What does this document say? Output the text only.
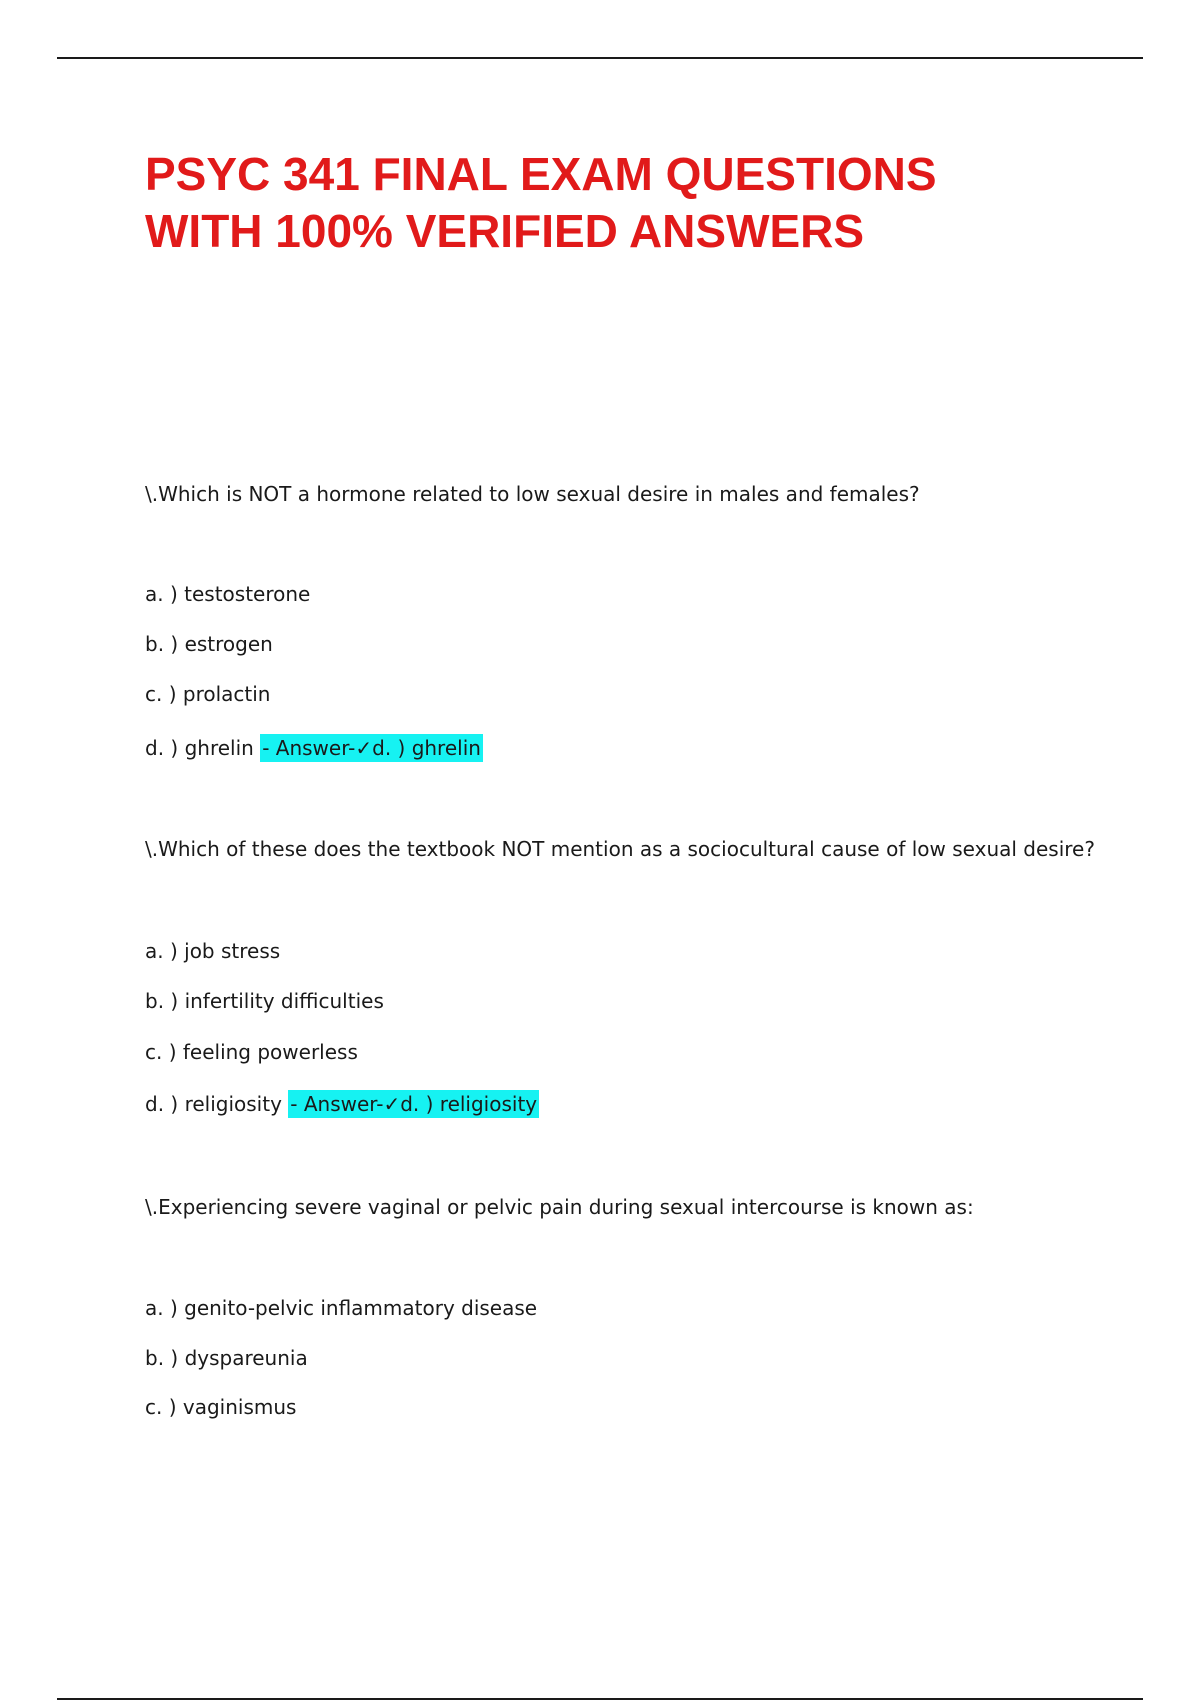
PSYC 341 FINAL EXAM QUESTIONS
WITH 100% VERIFIED ANSWERS
\.Which is NOT a hormone related to low sexual desire in males and females?
a. ) testosterone
b. ) estrogen
c. ) prolactin
d. ) ghrelin - Answer-✓d. ) ghrelin
\.Which of these does the textbook NOT mention as a sociocultural cause of low sexual desire?
a. ) job stress
b. ) infertility difficulties
c. ) feeling powerless
d. ) religiosity - Answer-✓d. ) religiosity
\.Experiencing severe vaginal or pelvic pain during sexual intercourse is known as:
a. ) genito-pelvic inflammatory disease
b. ) dyspareunia
c. ) vaginismus
